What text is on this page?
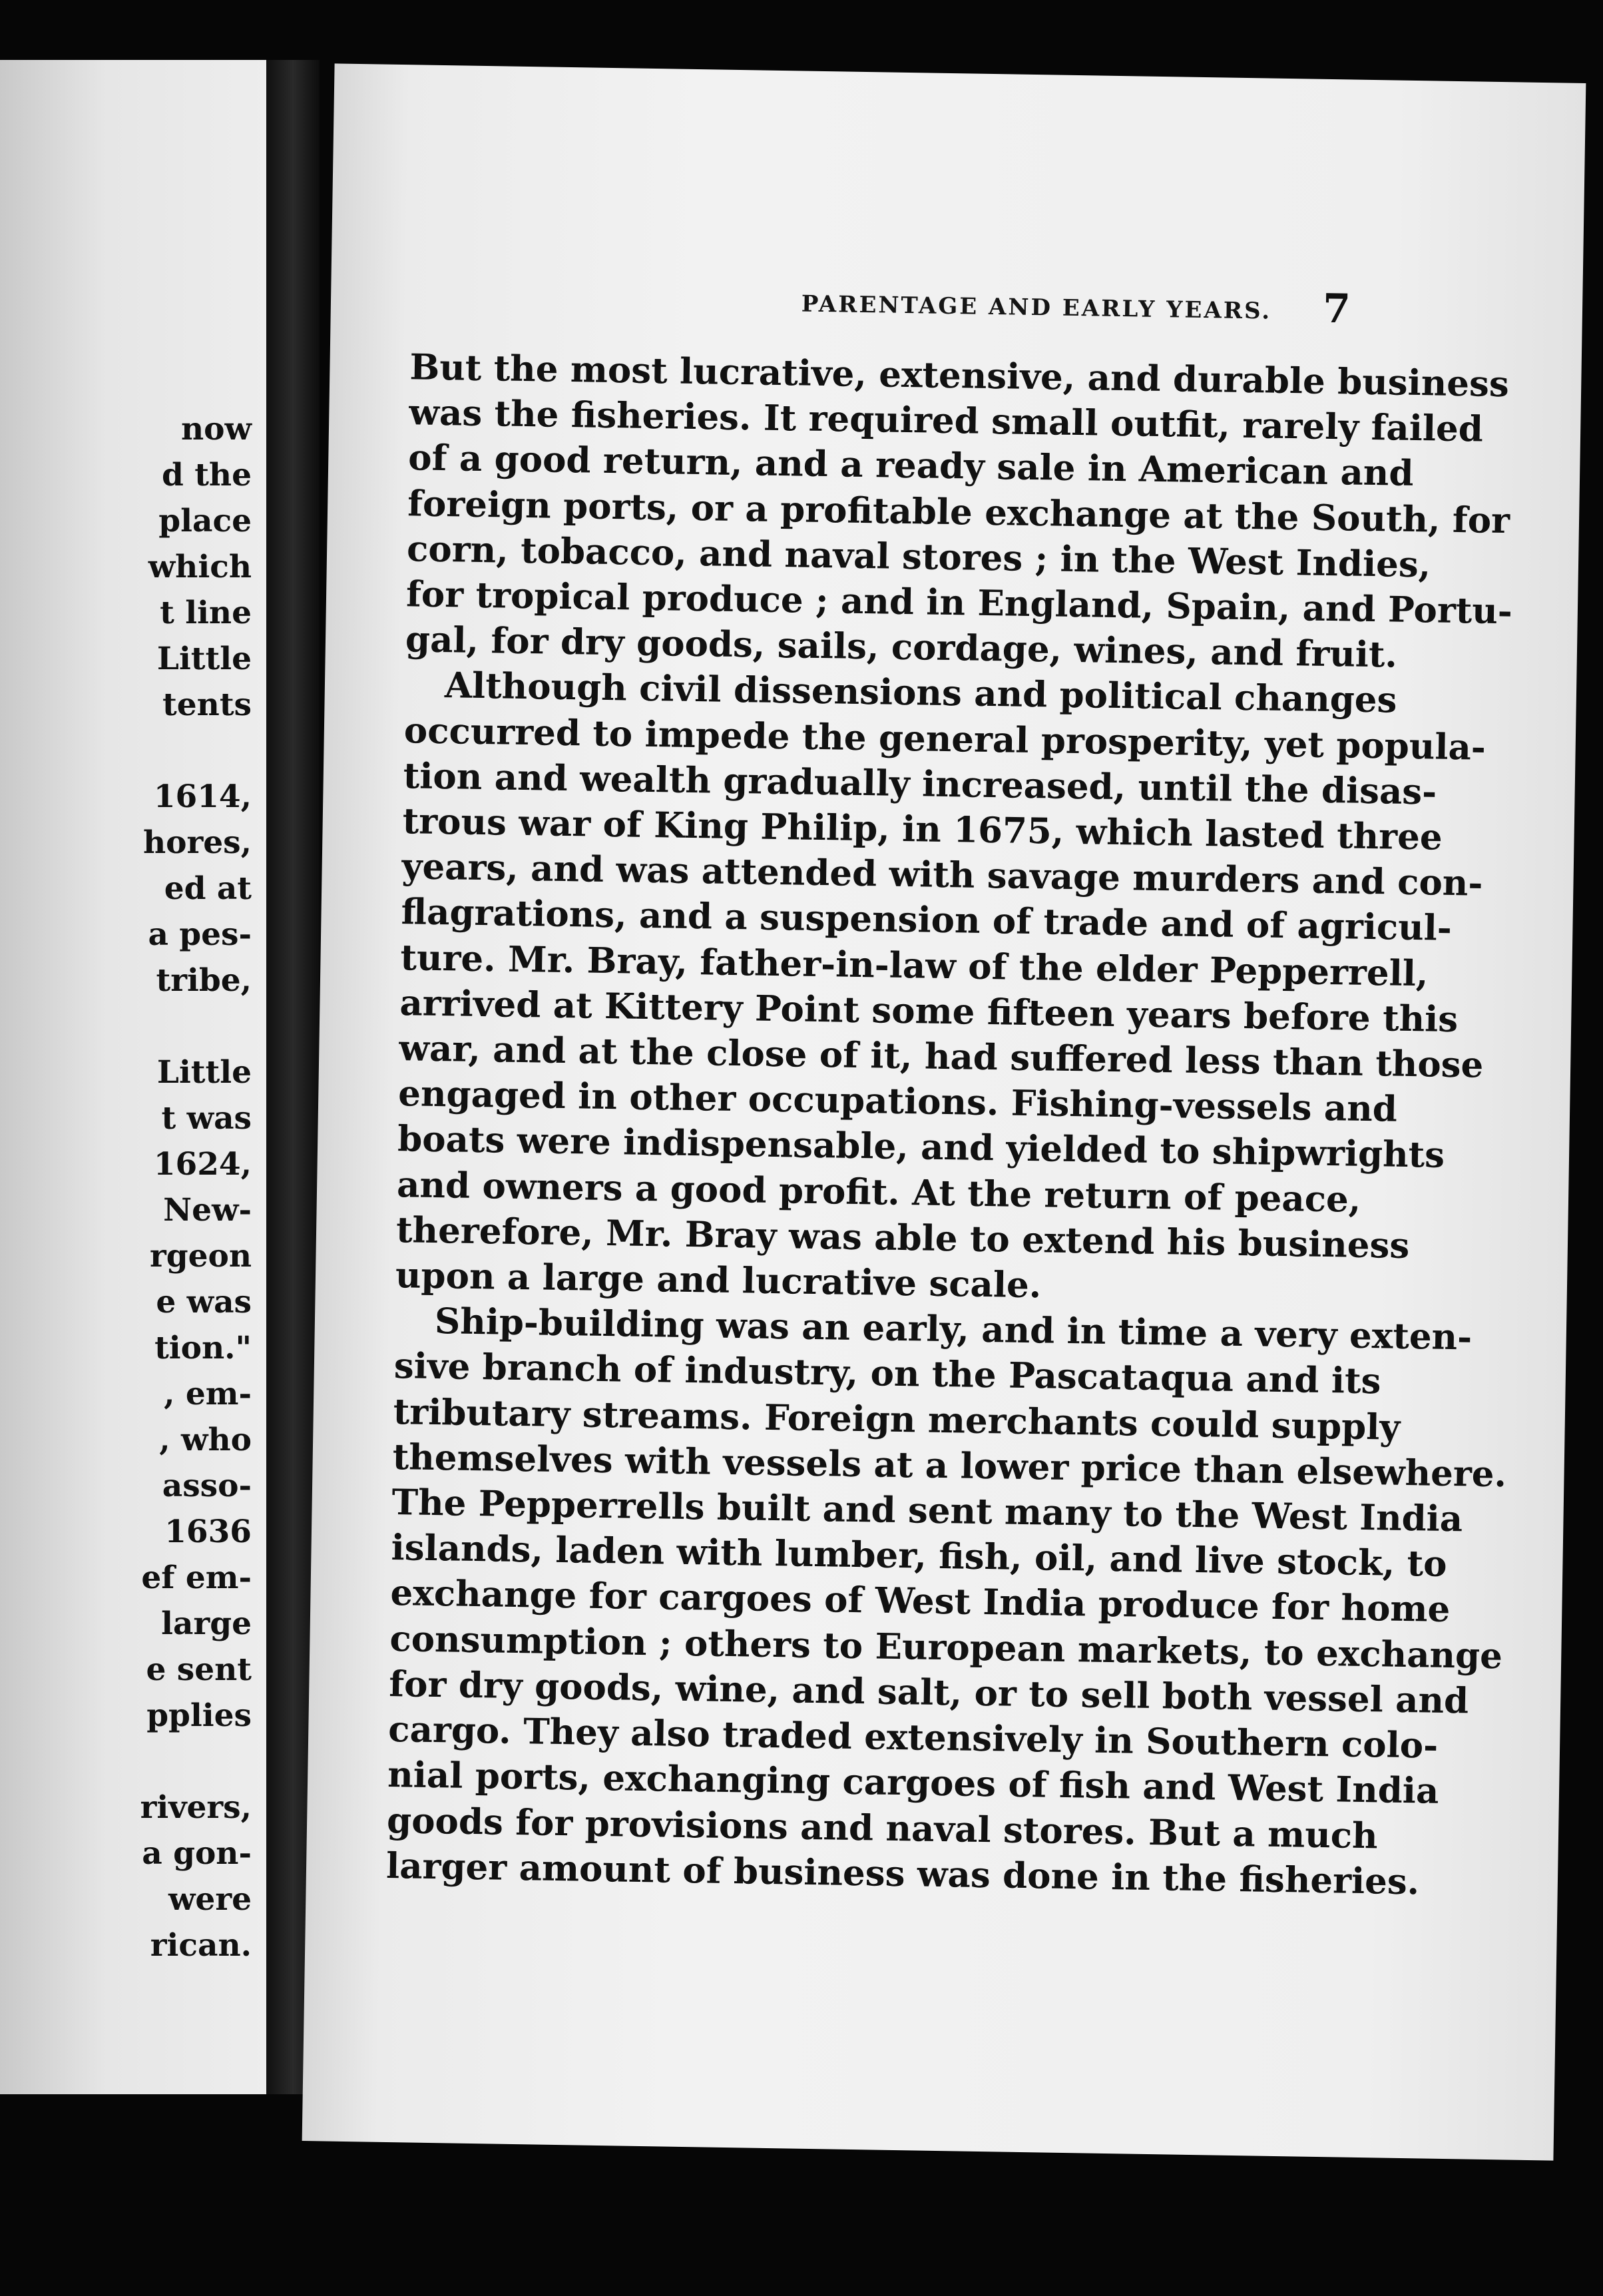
now
d the
place
which
t line
Little
tents
1614,
hores,
ed at
a pes-
tribe,
Little
t was
1624,
New-
rgeon
e was
tion."
, em-
, who
asso-
1636
ef em-
large
e sent
pplies
rivers,
a gon-
were
rican.
PARENTAGE AND EARLY YEARS.	7
But the most lucrative, extensive, and durable business
was the fisheries. It required small outfit, rarely failed
of a good return, and a ready sale in American and
foreign ports, or a profitable exchange at the South, for
corn, tobacco, and naval stores ; in the West Indies,
for tropical produce ; and in England, Spain, and Portu-
gal, for dry goods, sails, cordage, wines, and fruit.
Although civil dissensions and political changes
occurred to impede the general prosperity, yet popula-
tion and wealth gradually increased, until the disas-
trous war of King Philip, in 1675, which lasted three
years, and was attended with savage murders and con-
flagrations, and a suspension of trade and of agricul-
ture. Mr. Bray, father-in-law of the elder Pepperrell,
arrived at Kittery Point some fifteen years before this
war, and at the close of it, had suffered less than those
engaged in other occupations. Fishing-vessels and
boats were indispensable, and yielded to shipwrights
and owners a good profit. At the return of peace,
therefore, Mr. Bray was able to extend his business
upon a large and lucrative scale.
Ship-building was an early, and in time a very exten-
sive branch of industry, on the Pascataqua and its
tributary streams. Foreign merchants could supply
themselves with vessels at a lower price than elsewhere.
The Pepperrells built and sent many to the West India
islands, laden with lumber, fish, oil, and live stock, to
exchange for cargoes of West India produce for home
consumption ; others to European markets, to exchange
for dry goods, wine, and salt, or to sell both vessel and
cargo. They also traded extensively in Southern colo-
nial ports, exchanging cargoes of fish and West India
goods for provisions and naval stores. But a much
larger amount of business was done in the fisheries.
